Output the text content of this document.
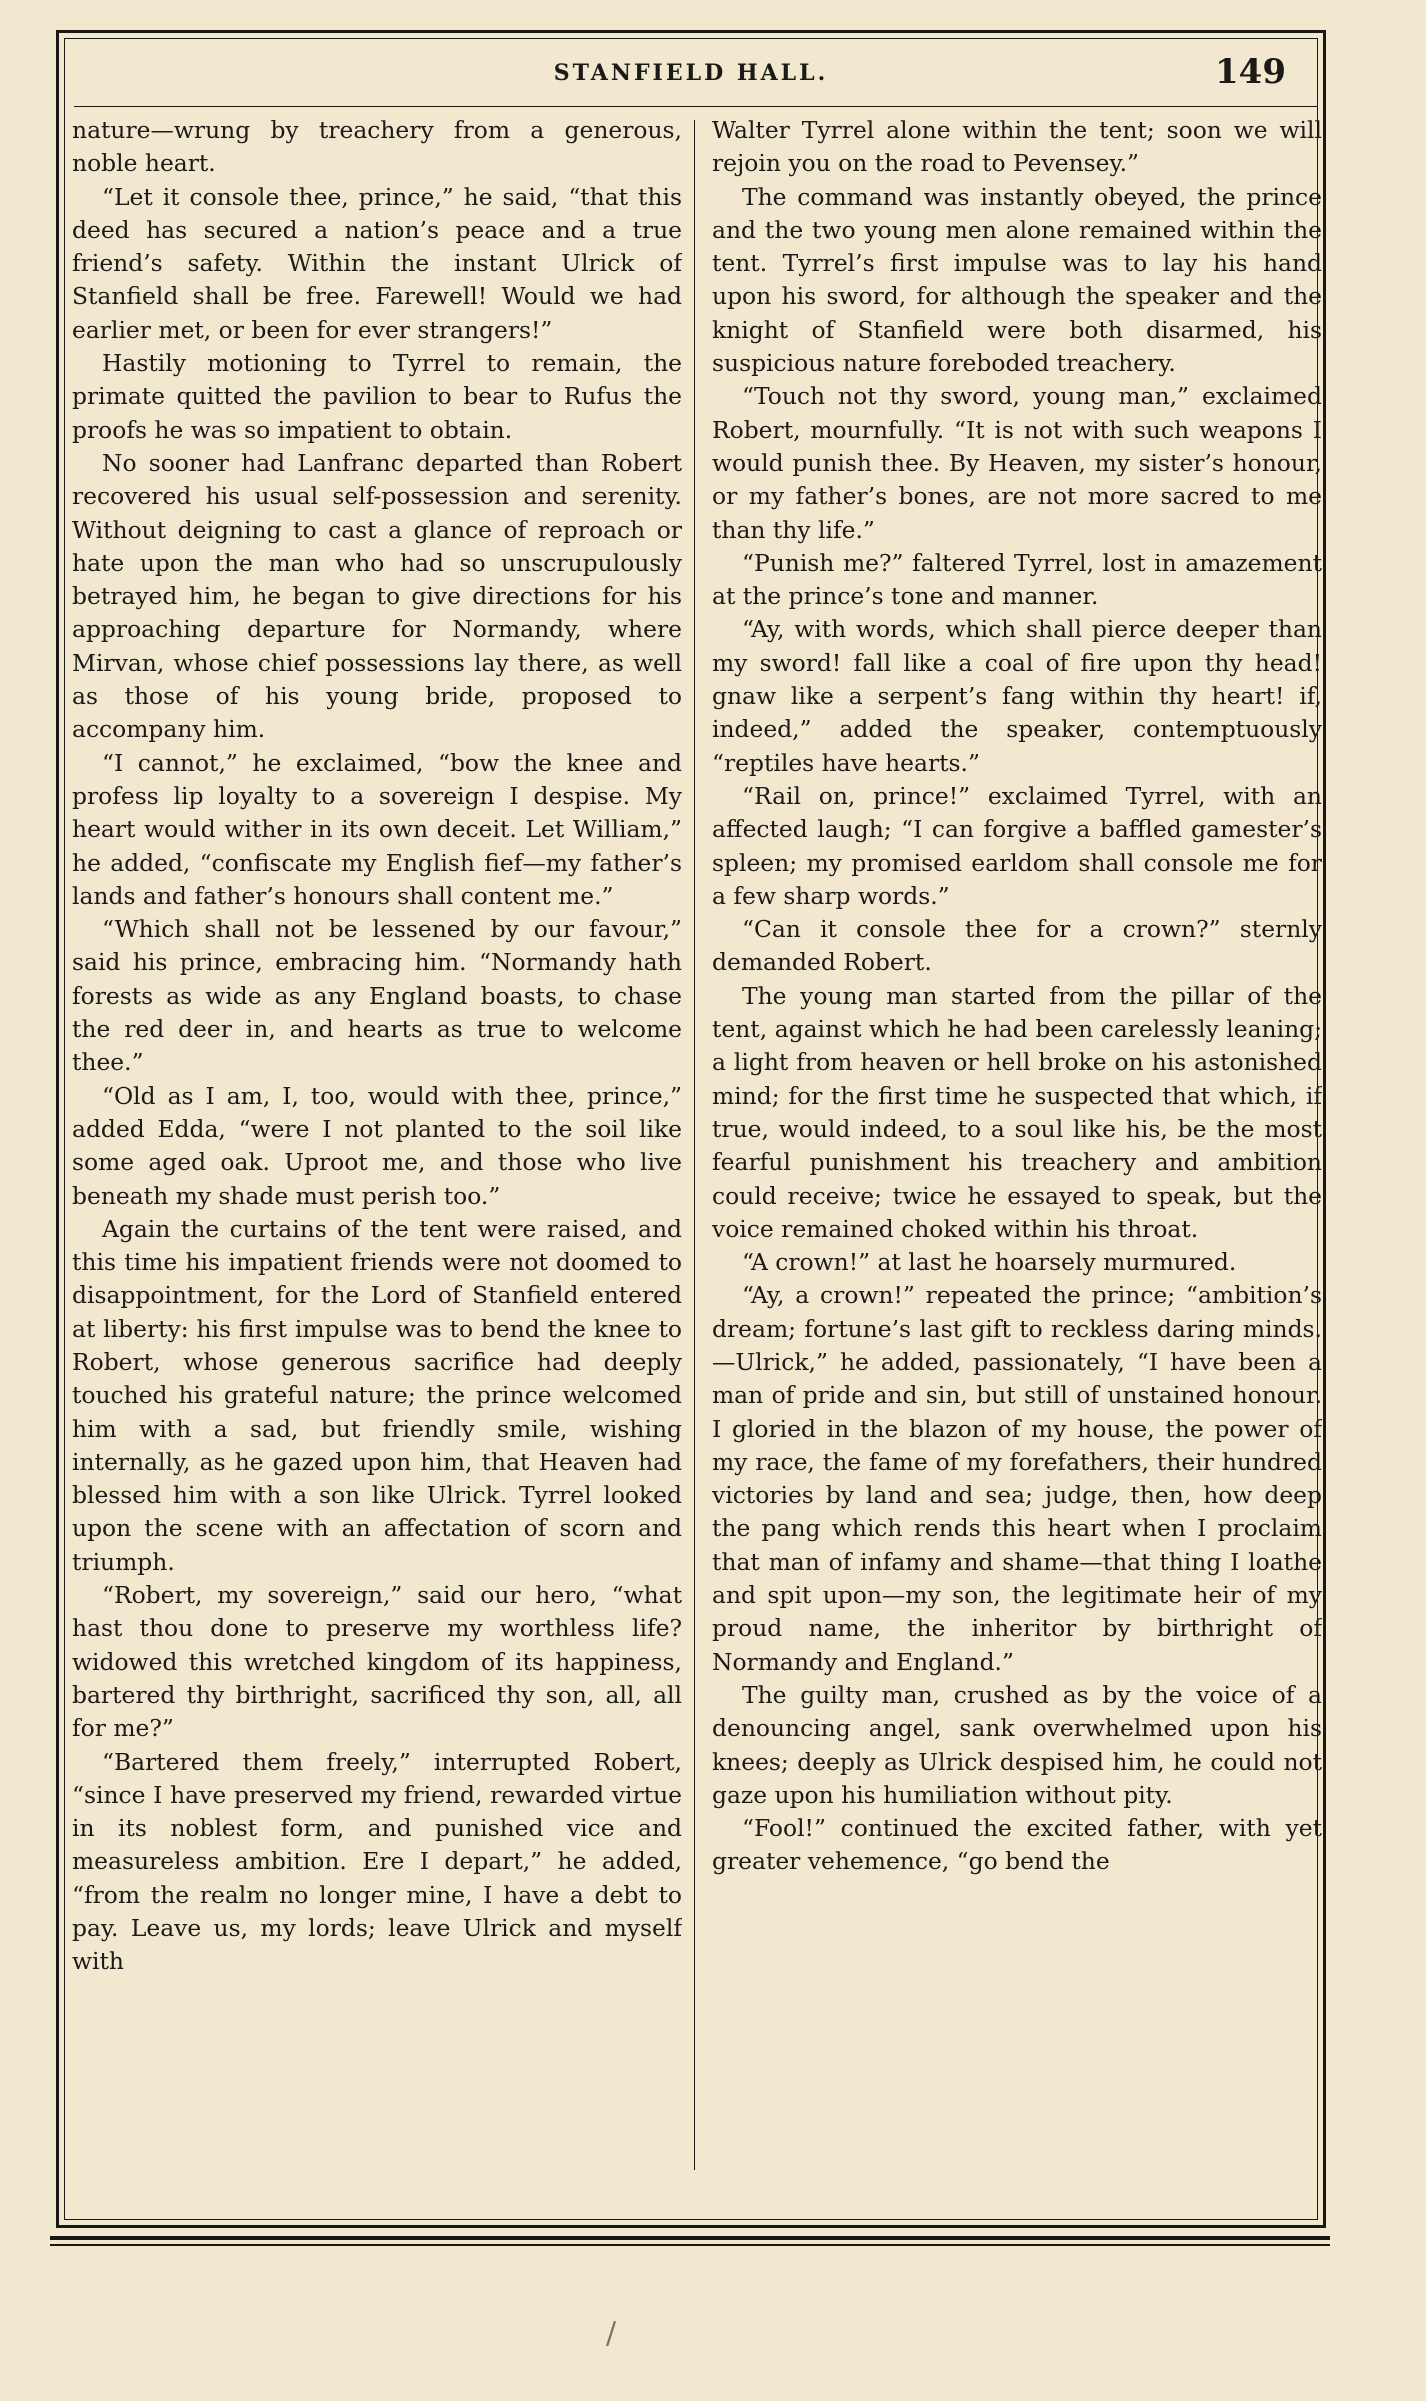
STANFIELD HALL.	149

nature—wrung by treachery from a generous, noble heart.

“Let it console thee, prince,” he said, “that this deed has secured a nation’s peace and a true friend’s safety. Within the instant Ulrick of Stanfield shall be free. Farewell! Would we had earlier met, or been for ever strangers!”

Hastily motioning to Tyrrel to remain, the primate quitted the pavilion to bear to Rufus the proofs he was so impatient to obtain.

No sooner had Lanfranc departed than Robert recovered his usual self-possession and serenity. Without deigning to cast a glance of reproach or hate upon the man who had so unscrupulously betrayed him, he began to give directions for his approaching departure for Normandy, where Mirvan, whose chief possessions lay there, as well as those of his young bride, proposed to accompany him.

“I cannot,” he exclaimed, “bow the knee and profess lip loyalty to a sovereign I despise. My heart would wither in its own deceit. Let William,” he added, “confiscate my English fief—my father’s lands and father’s honours shall content me.”

“Which shall not be lessened by our favour,” said his prince, embracing him. “Normandy hath forests as wide as any England boasts, to chase the red deer in, and hearts as true to welcome thee.”

“Old as I am, I, too, would with thee, prince,” added Edda, “were I not planted to the soil like some aged oak. Uproot me, and those who live beneath my shade must perish too.”

Again the curtains of the tent were raised, and this time his impatient friends were not doomed to disappointment, for the Lord of Stanfield entered at liberty: his first impulse was to bend the knee to Robert, whose generous sacrifice had deeply touched his grateful nature; the prince welcomed him with a sad, but friendly smile, wishing internally, as he gazed upon him, that Heaven had blessed him with a son like Ulrick. Tyrrel looked upon the scene with an affectation of scorn and triumph.

“Robert, my sovereign,” said our hero, “what hast thou done to preserve my worthless life? widowed this wretched kingdom of its happiness, bartered thy birthright, sacrificed thy son, all, all for me?”

“Bartered them freely,” interrupted Robert, “since I have preserved my friend, rewarded virtue in its noblest form, and punished vice and measureless ambition. Ere I depart,” he added, “from the realm no longer mine, I have a debt to pay. Leave us, my lords; leave Ulrick and myself with

Walter Tyrrel alone within the tent; soon we will rejoin you on the road to Pevensey.”

The command was instantly obeyed, the prince and the two young men alone remained within the tent. Tyrrel’s first impulse was to lay his hand upon his sword, for although the speaker and the knight of Stanfield were both disarmed, his suspicious nature foreboded treachery.

“Touch not thy sword, young man,” exclaimed Robert, mournfully. “It is not with such weapons I would punish thee. By Heaven, my sister’s honour, or my father’s bones, are not more sacred to me than thy life.”

“Punish me?” faltered Tyrrel, lost in amazement at the prince’s tone and manner.

“Ay, with words, which shall pierce deeper than my sword! fall like a coal of fire upon thy head! gnaw like a serpent’s fang within thy heart! if, indeed,” added the speaker, contemptuously “reptiles have hearts.”

“Rail on, prince!” exclaimed Tyrrel, with an affected laugh; “I can forgive a baffled gamester’s spleen; my promised earldom shall console me for a few sharp words.”

“Can it console thee for a crown?” sternly demanded Robert.

The young man started from the pillar of the tent, against which he had been carelessly leaning; a light from heaven or hell broke on his astonished mind; for the first time he suspected that which, if true, would indeed, to a soul like his, be the most fearful punishment his treachery and ambition could receive; twice he essayed to speak, but the voice remained choked within his throat.

“A crown!” at last he hoarsely murmured.

“Ay, a crown!” repeated the prince; “ambition’s dream; fortune’s last gift to reckless daring minds.—Ulrick,” he added, passionately, “I have been a man of pride and sin, but still of unstained honour. I gloried in the blazon of my house, the power of my race, the fame of my forefathers, their hundred victories by land and sea; judge, then, how deep the pang which rends this heart when I proclaim that man of infamy and shame—that thing I loathe and spit upon—my son, the legitimate heir of my proud name, the inheritor by birthright of Normandy and England.”

The guilty man, crushed as by the voice of a denouncing angel, sank overwhelmed upon his knees; deeply as Ulrick despised him, he could not gaze upon his humiliation without pity.

“Fool!” continued the excited father, with yet greater vehemence, “go bend the

/
